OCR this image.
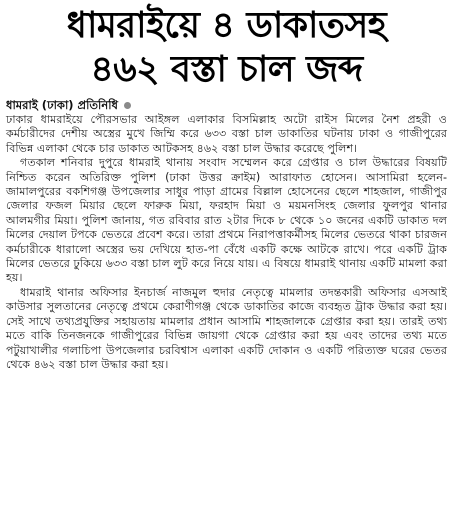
ধামরাইয়ে ৪ ডাকাতসহ
৪৬২ বস্তা চাল জব্দ
ধামরাই (ঢাকা) প্রতিনিধি

ঢাকার ধামরাইয়ে পৌরসভার আইঙ্গল এলাকার বিসমিল্লাহ অটো রাইস মিলের নৈশ প্রহরী ও কর্মচারীদের দেশীয় অস্ত্রের মুখে জিম্মি করে ৬৩৩ বস্তা চাল ডাকাতির ঘটনায় ঢাকা ও গাজীপুরের বিভিন্ন এলাকা থেকে চার ডাকাত আটকসহ ৪৬২ বস্তা চাল উদ্ধার করেছে পুলিশ।

গতকাল শনিবার দুপুরে ধামরাই থানায় সংবাদ সম্মেলন করে গ্রেপ্তার ও চাল উদ্ধারের বিষয়টি নিশ্চিত করেন অতিরিক্ত পুলিশ (ঢাকা উত্তর ক্রাইম) আরাফাত হোসেন। আসামিরা হলেন- জামালপুরের বকশিগঞ্জ উপজেলার সাধুর পাড়া গ্রামের বিল্লাল হোসেনের ছেলে শাহজাল, গাজীপুর জেলার ফজল মিয়ার ছেলে ফারুক মিয়া, ফরহাদ মিয়া ও ময়মনসিংহ জেলার ফুলপুর থানার আলমগীর মিয়া। পুলিশ জানায়, গত রবিবার রাত ২টার দিকে ৮ থেকে ১০ জনের একটি ডাকাত দল মিলের দেয়াল টপকে ভেতরে প্রবেশ করে। তারা প্রথমে নিরাপত্তাকর্মীসহ মিলের ভেতরে থাকা চারজন কর্মচারীকে ধারালো অস্ত্রের ভয় দেখিয়ে হাত-পা বেঁধে একটি কক্ষে আটকে রাখে। পরে একটি ট্রাক মিলের ভেতরে ঢুকিয়ে ৬৩৩ বস্তা চাল লুট করে নিয়ে যায়। এ বিষয়ে ধামরাই থানায় একটি মামলা করা হয়।

ধামরাই থানার অফিসার ইনচার্জ নাজমুল হুদার নেতৃত্বে মামলার তদন্তকারী অফিসার এসআই কাউসার সুলতানের নেতৃত্বে প্রথমে কেরাণীগঞ্জ থেকে ডাকাতির কাজে ব্যবহৃত ট্রাক উদ্ধার করা হয়। সেই সাথে তথ্যপ্রযুক্তির সহায়তায় মামলার প্রধান আসামি শাহজালকে গ্রেপ্তার করা হয়। তারই তথ্য মতে বাকি তিনজনকে গাজীপুরের বিভিন্ন জায়গা থেকে গ্রেপ্তার করা হয় এবং তাদের তথ্য মতে পটুয়াখালীর গলাচিপা উপজেলার চরবিশ্বাস এলাকা একটি দোকান ও একটি পরিত্যক্ত ঘরের ভেতর থেকে ৪৬২ বস্তা চাল উদ্ধার করা হয়।
